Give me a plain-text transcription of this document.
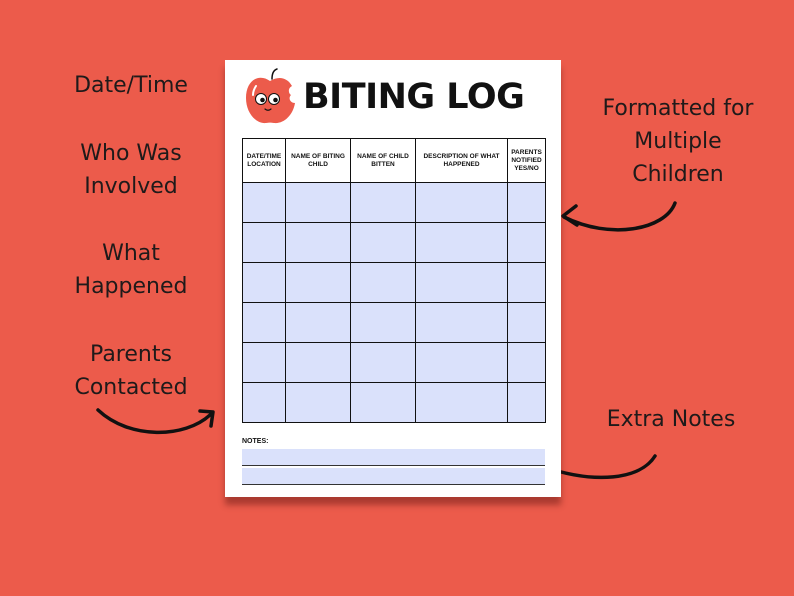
Date/Time
Who Was
Involved
What
Happened
Parents
Contacted
Formatted for
Multiple
Children
Extra Notes
BITING LOG
DATE/TIME LOCATION	NAME OF BITING CHILD	NAME OF CHILD BITTEN	DESCRIPTION OF WHAT HAPPENED	PARENTS NOTIFIED YES/NO

NOTES:
